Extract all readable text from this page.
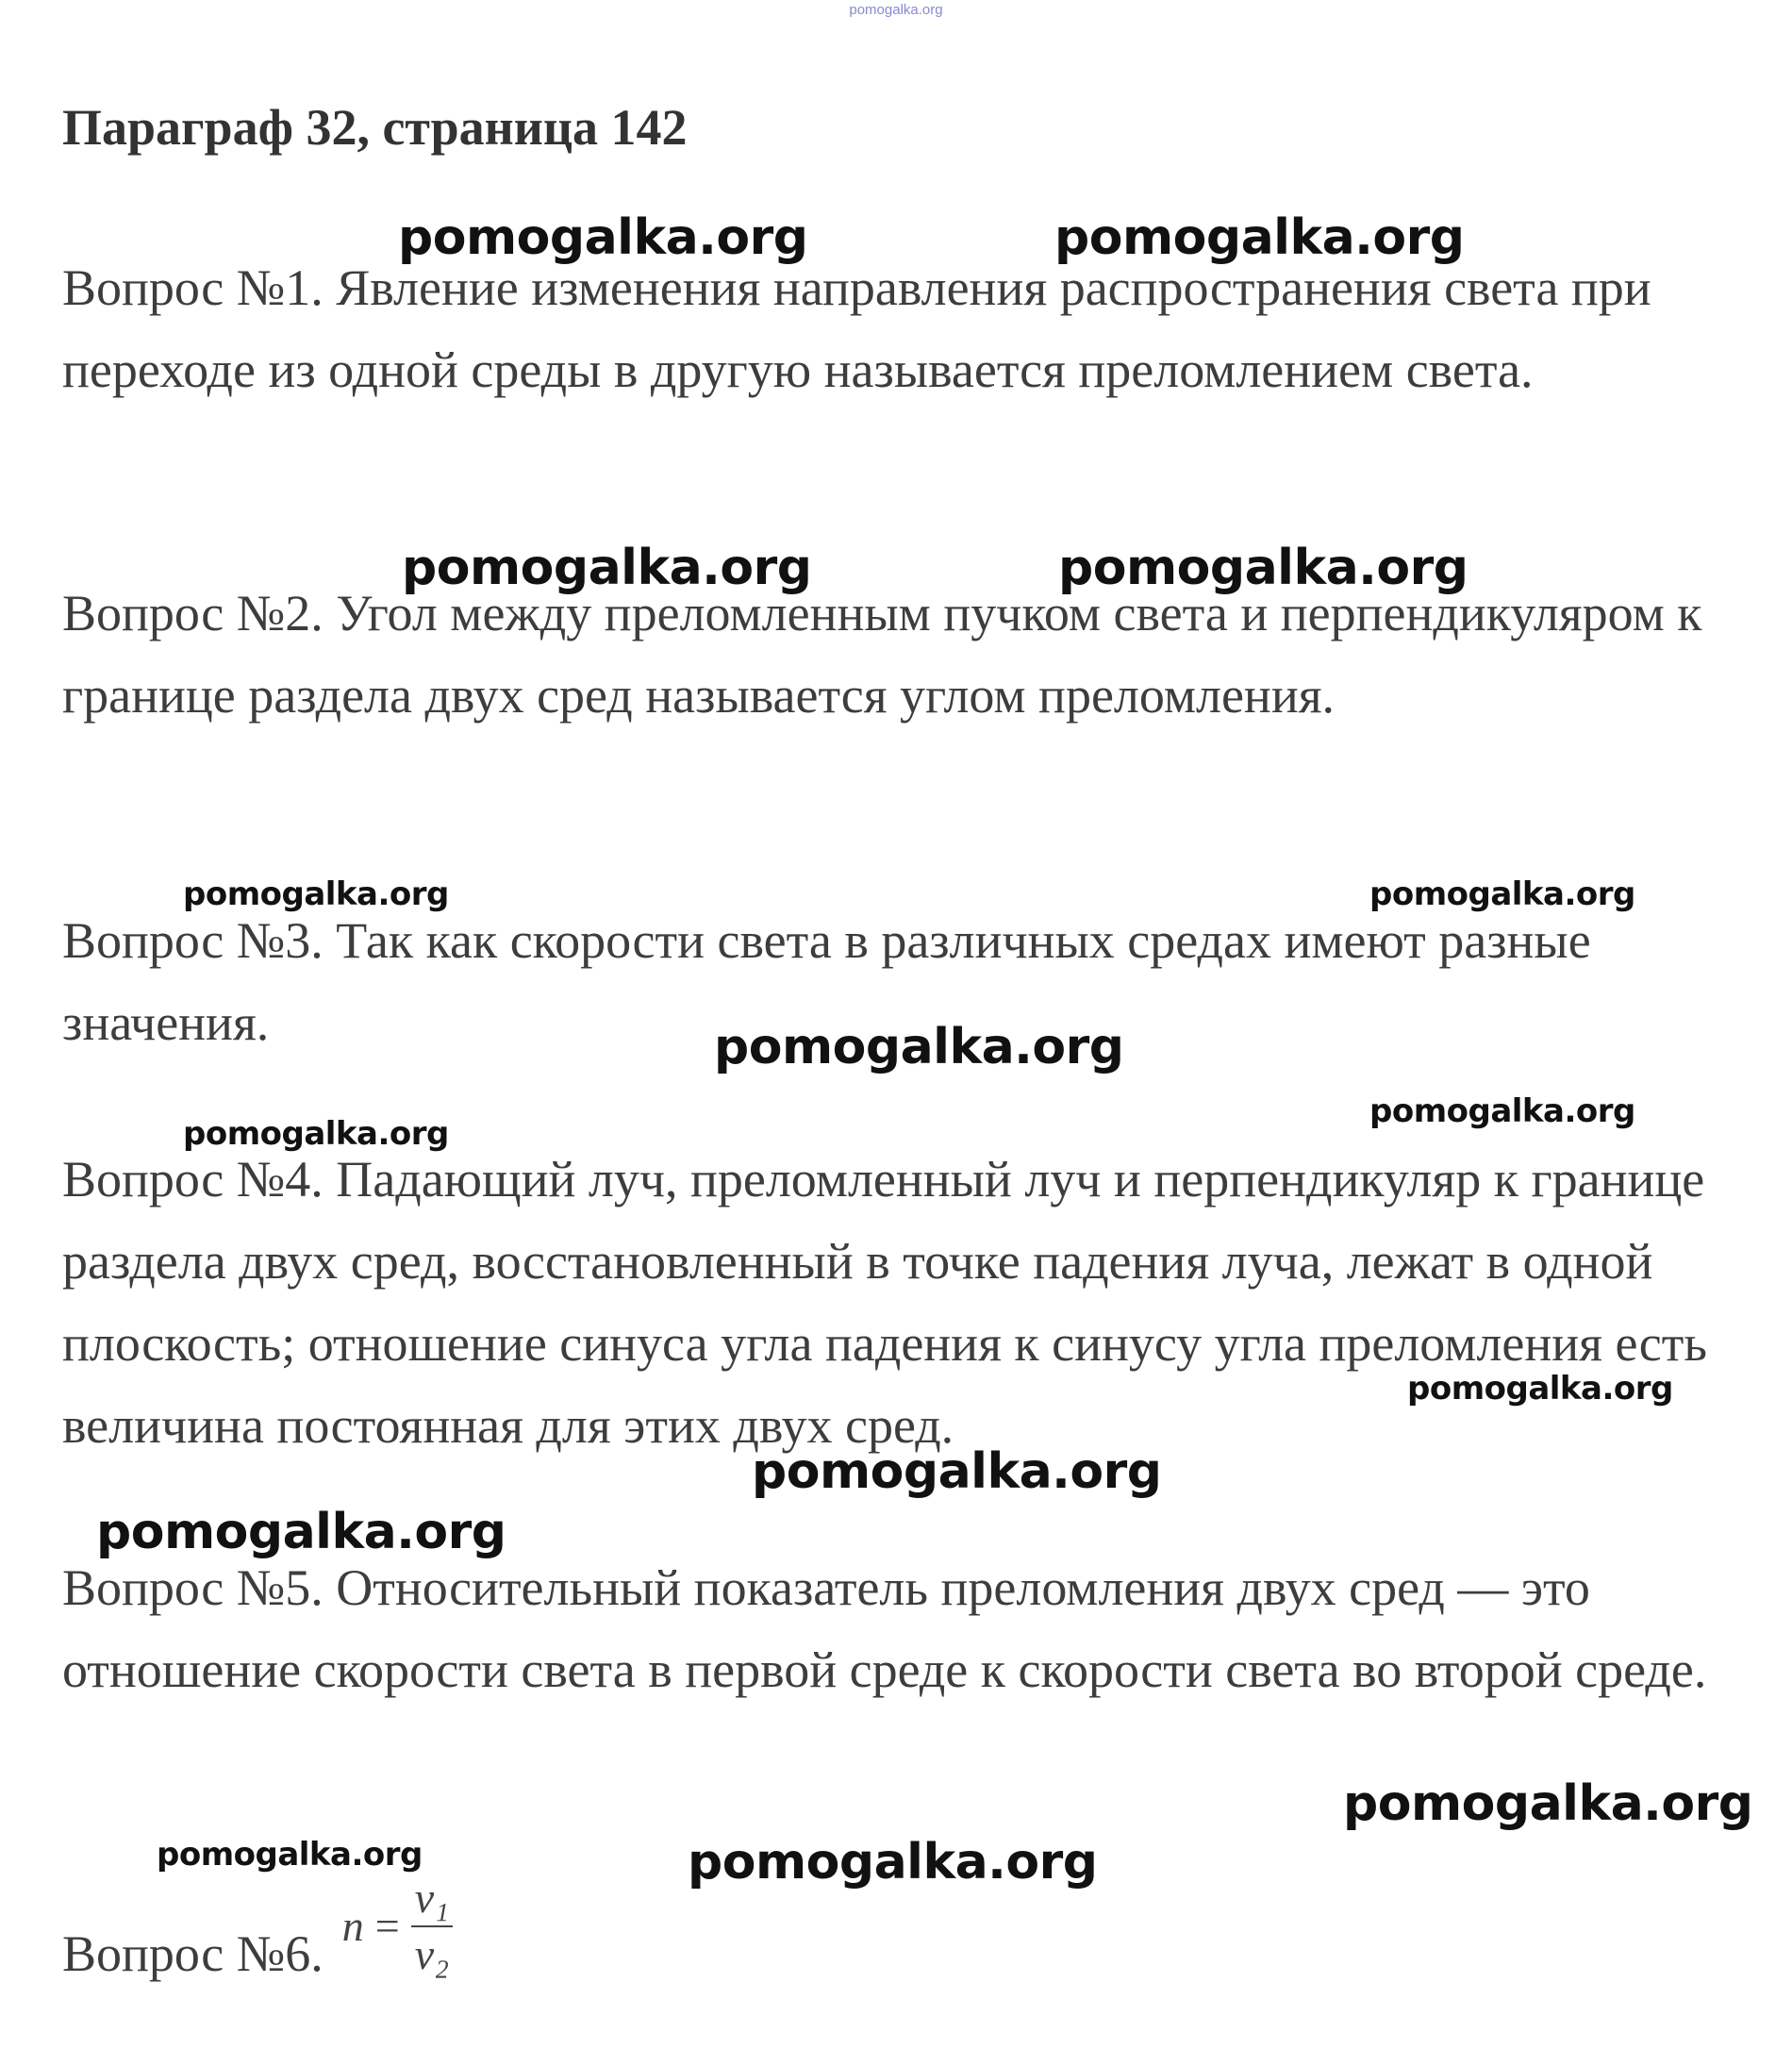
pomogalka.org
Параграф 32, страница 142

Вопрос №1. Явление изменения направления распространения света при переходе из одной среды в другую называется преломлением света.

Вопрос №2. Угол между преломленным пучком света и перпендикуляром к границе раздела двух сред называется углом преломления.

Вопрос №3. Так как скорости света в различных средах имеют разные значения.

Вопрос №4. Падающий луч, преломленный луч и перпендикуляр к границе раздела двух сред, восстановленный в точке падения луча, лежат в одной плоскость; отношение синуса угла падения к синусу угла преломления есть величина постоянная для этих двух сред.

Вопрос №5. Относительный показатель преломления двух сред — это отношение скорости света в первой среде к скорости света во второй среде.

Вопрос №6. $n = \frac{\text{v₁}}{\text{v₂}}$
pomogalka.org	pomogalka.org
pomogalka.org	pomogalka.org
pomogalka.org	pomogalka.org
pomogalka.org
pomogalka.org
pomogalka.org
pomogalka.org
pomogalka.org
pomogalka.org
pomogalka.org
pomogalka.org	pomogalka.org
